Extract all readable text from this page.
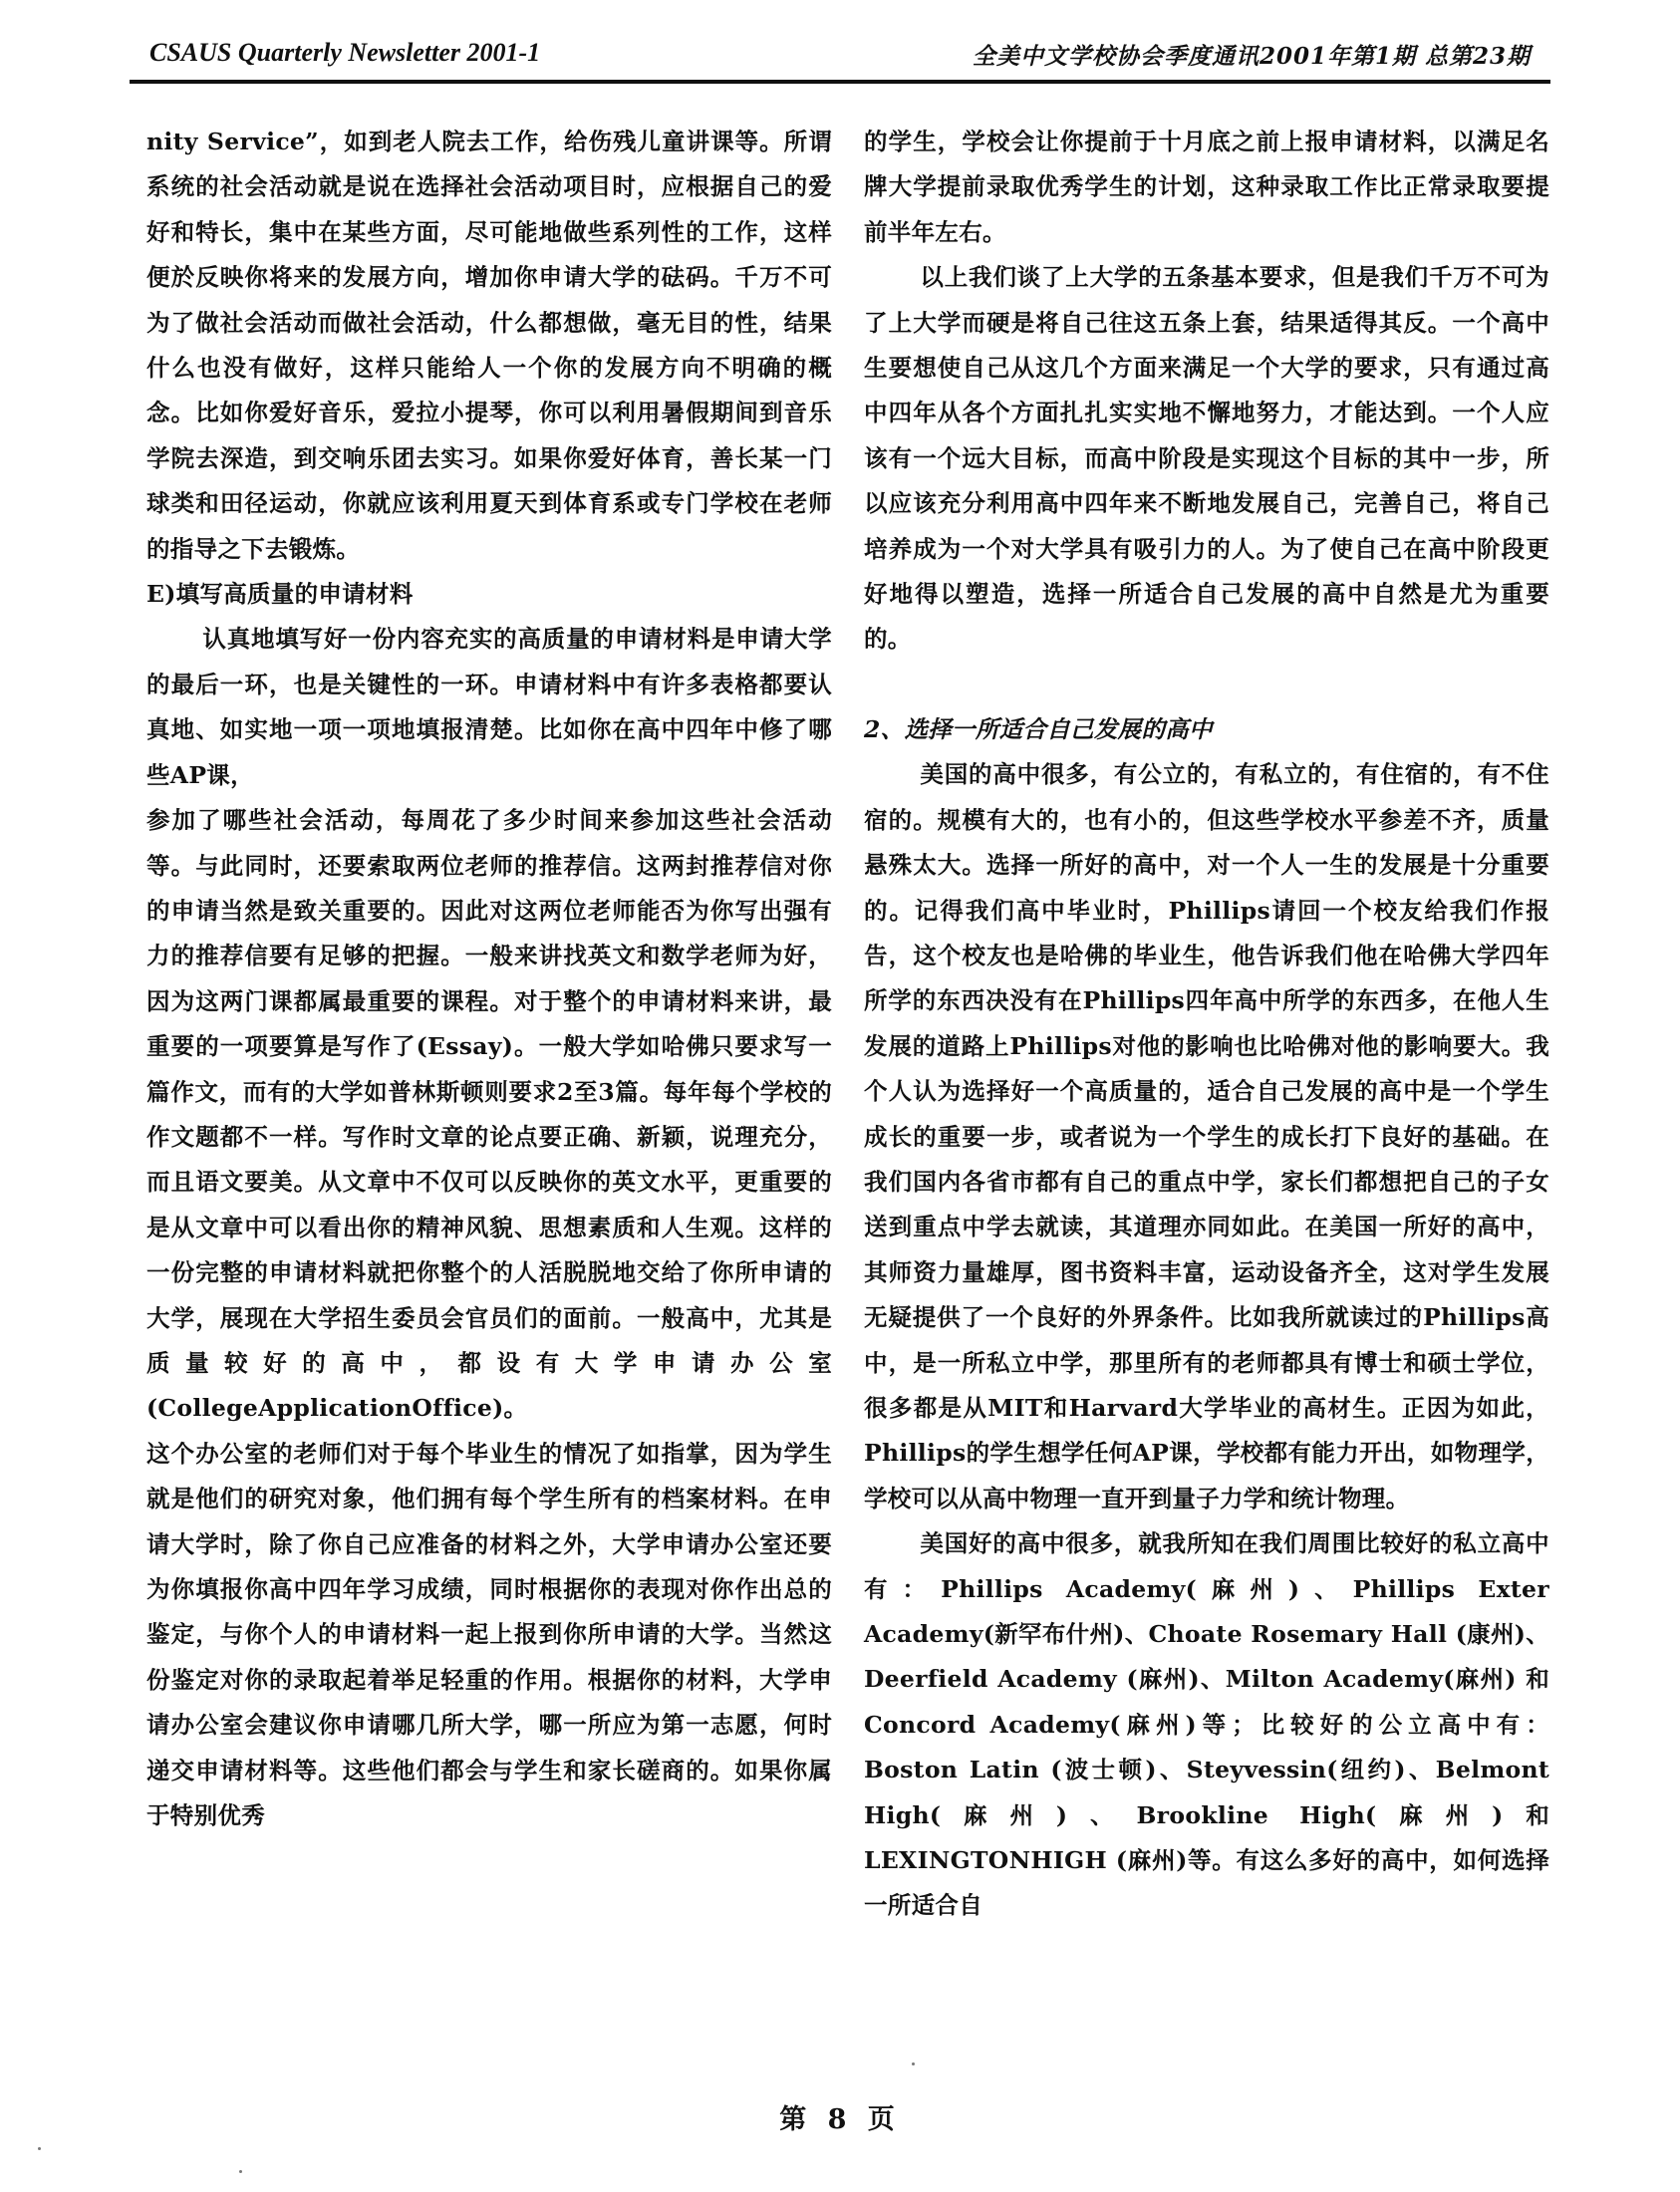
CSAUS Quarterly Newsletter 2001-1	全美中文学校协会季度通讯2001年第1期 总第23期

nity Service”，如到老人院去工作，给伤残儿童讲课等。所谓系统的社会活动就是说在选择社会活动项目时，应根据自己的爱好和特长，集中在某些方面，尽可能地做些系列性的工作，这样便於反映你将来的发展方向，增加你申请大学的砝码。千万不可为了做社会活动而做社会活动，什么都想做，毫无目的性，结果什么也没有做好，这样只能给人一个你的发展方向不明确的概念。比如你爱好音乐，爱拉小提琴，你可以利用暑假期间到音乐学院去深造，到交响乐团去实习。如果你爱好体育，善长某一门球类和田径运动，你就应该利用夏天到体育系或专门学校在老师的指导之下去锻炼。

E)填写高质量的申请材料

认真地填写好一份内容充实的高质量的申请材料是申请大学的最后一环，也是关键性的一环。申请材料中有许多表格都要认真地、如实地一项一项地填报清楚。比如你在高中四年中修了哪些AP课，

参加了哪些社会活动，每周花了多少时间来参加这些社会活动等。与此同时，还要索取两位老师的推荐信。这两封推荐信对你的申请当然是致关重要的。因此对这两位老师能否为你写出强有力的推荐信要有足够的把握。一般来讲找英文和数学老师为好，因为这两门课都属最重要的课程。对于整个的申请材料来讲，最重要的一项要算是写作了(Essay)。一般大学如哈佛只要求写一篇作文，而有的大学如普林斯顿则要求2至3篇。每年每个学校的作文题都不一样。写作时文章的论点要正确、新颖，说理充分，而且语文要美。从文章中不仅可以反映你的英文水平，更重要的是从文章中可以看出你的精神风貌、思想素质和人生观。这样的一份完整的申请材料就把你整个的人活脱脱地交给了你所申请的大学，展现在大学招生委员会官员们的面前。一般高中，尤其是质量较好的高中，都设有大学申请办公室(CollegeApplicationOffice)。

这个办公室的老师们对于每个毕业生的情况了如指掌，因为学生就是他们的研究对象，他们拥有每个学生所有的档案材料。在申请大学时，除了你自己应准备的材料之外，大学申请办公室还要为你填报你高中四年学习成绩，同时根据你的表现对你作出总的鉴定，与你个人的申请材料一起上报到你所申请的大学。当然这份鉴定对你的录取起着举足轻重的作用。根据你的材料，大学申请办公室会建议你申请哪几所大学，哪一所应为第一志愿，何时递交申请材料等。这些他们都会与学生和家长磋商的。如果你属于特别优秀

的学生，学校会让你提前于十月底之前上报申请材料，以满足名牌大学提前录取优秀学生的计划，这种录取工作比正常录取要提前半年左右。

以上我们谈了上大学的五条基本要求，但是我们千万不可为了上大学而硬是将自己往这五条上套，结果适得其反。一个高中生要想使自己从这几个方面来满足一个大学的要求，只有通过高中四年从各个方面扎扎实实地不懈地努力，才能达到。一个人应该有一个远大目标，而高中阶段是实现这个目标的其中一步，所以应该充分利用高中四年来不断地发展自己，完善自己，将自己培养成为一个对大学具有吸引力的人。为了使自己在高中阶段更好地得以塑造，选择一所适合自己发展的高中自然是尤为重要的。

2、选择一所适合自己发展的高中

美国的高中很多，有公立的，有私立的，有住宿的，有不住宿的。规模有大的，也有小的，但这些学校水平参差不齐，质量悬殊太大。选择一所好的高中，对一个人一生的发展是十分重要的。记得我们高中毕业时，Phillips请回一个校友给我们作报告，这个校友也是哈佛的毕业生，他告诉我们他在哈佛大学四年所学的东西决没有在Phillips四年高中所学的东西多，在他人生发展的道路上Phillips对他的影响也比哈佛对他的影响要大。我个人认为选择好一个高质量的，适合自己发展的高中是一个学生成长的重要一步，或者说为一个学生的成长打下良好的基础。在我们国内各省市都有自己的重点中学，家长们都想把自己的子女送到重点中学去就读，其道理亦同如此。在美国一所好的高中，其师资力量雄厚，图书资料丰富，运动设备齐全，这对学生发展无疑提供了一个良好的外界条件。比如我所就读过的Phillips高中，是一所私立中学，那里所有的老师都具有博士和硕士学位，很多都是从MIT和Harvard大学毕业的高材生。正因为如此，Phillips的学生想学任何AP课，学校都有能力开出，如物理学，学校可以从高中物理一直开到量子力学和统计物理。

美国好的高中很多，就我所知在我们周围比较好的私立高中有：Phillips Academy(麻州)、Phillips Exter Academy(新罕布什州)、Choate Rosemary Hall (康州)、Deerfield Academy (麻州)、Milton Academy(麻州) 和 Concord Academy(麻州)等；比较好的公立高中有：Boston Latin (波士顿)、Steyvessin(纽约)、Belmont High(麻州)、Brookline High(麻州)和LEXINGTONHIGH (麻州)等。有这么多好的高中，如何选择一所适合自

第 8 页
